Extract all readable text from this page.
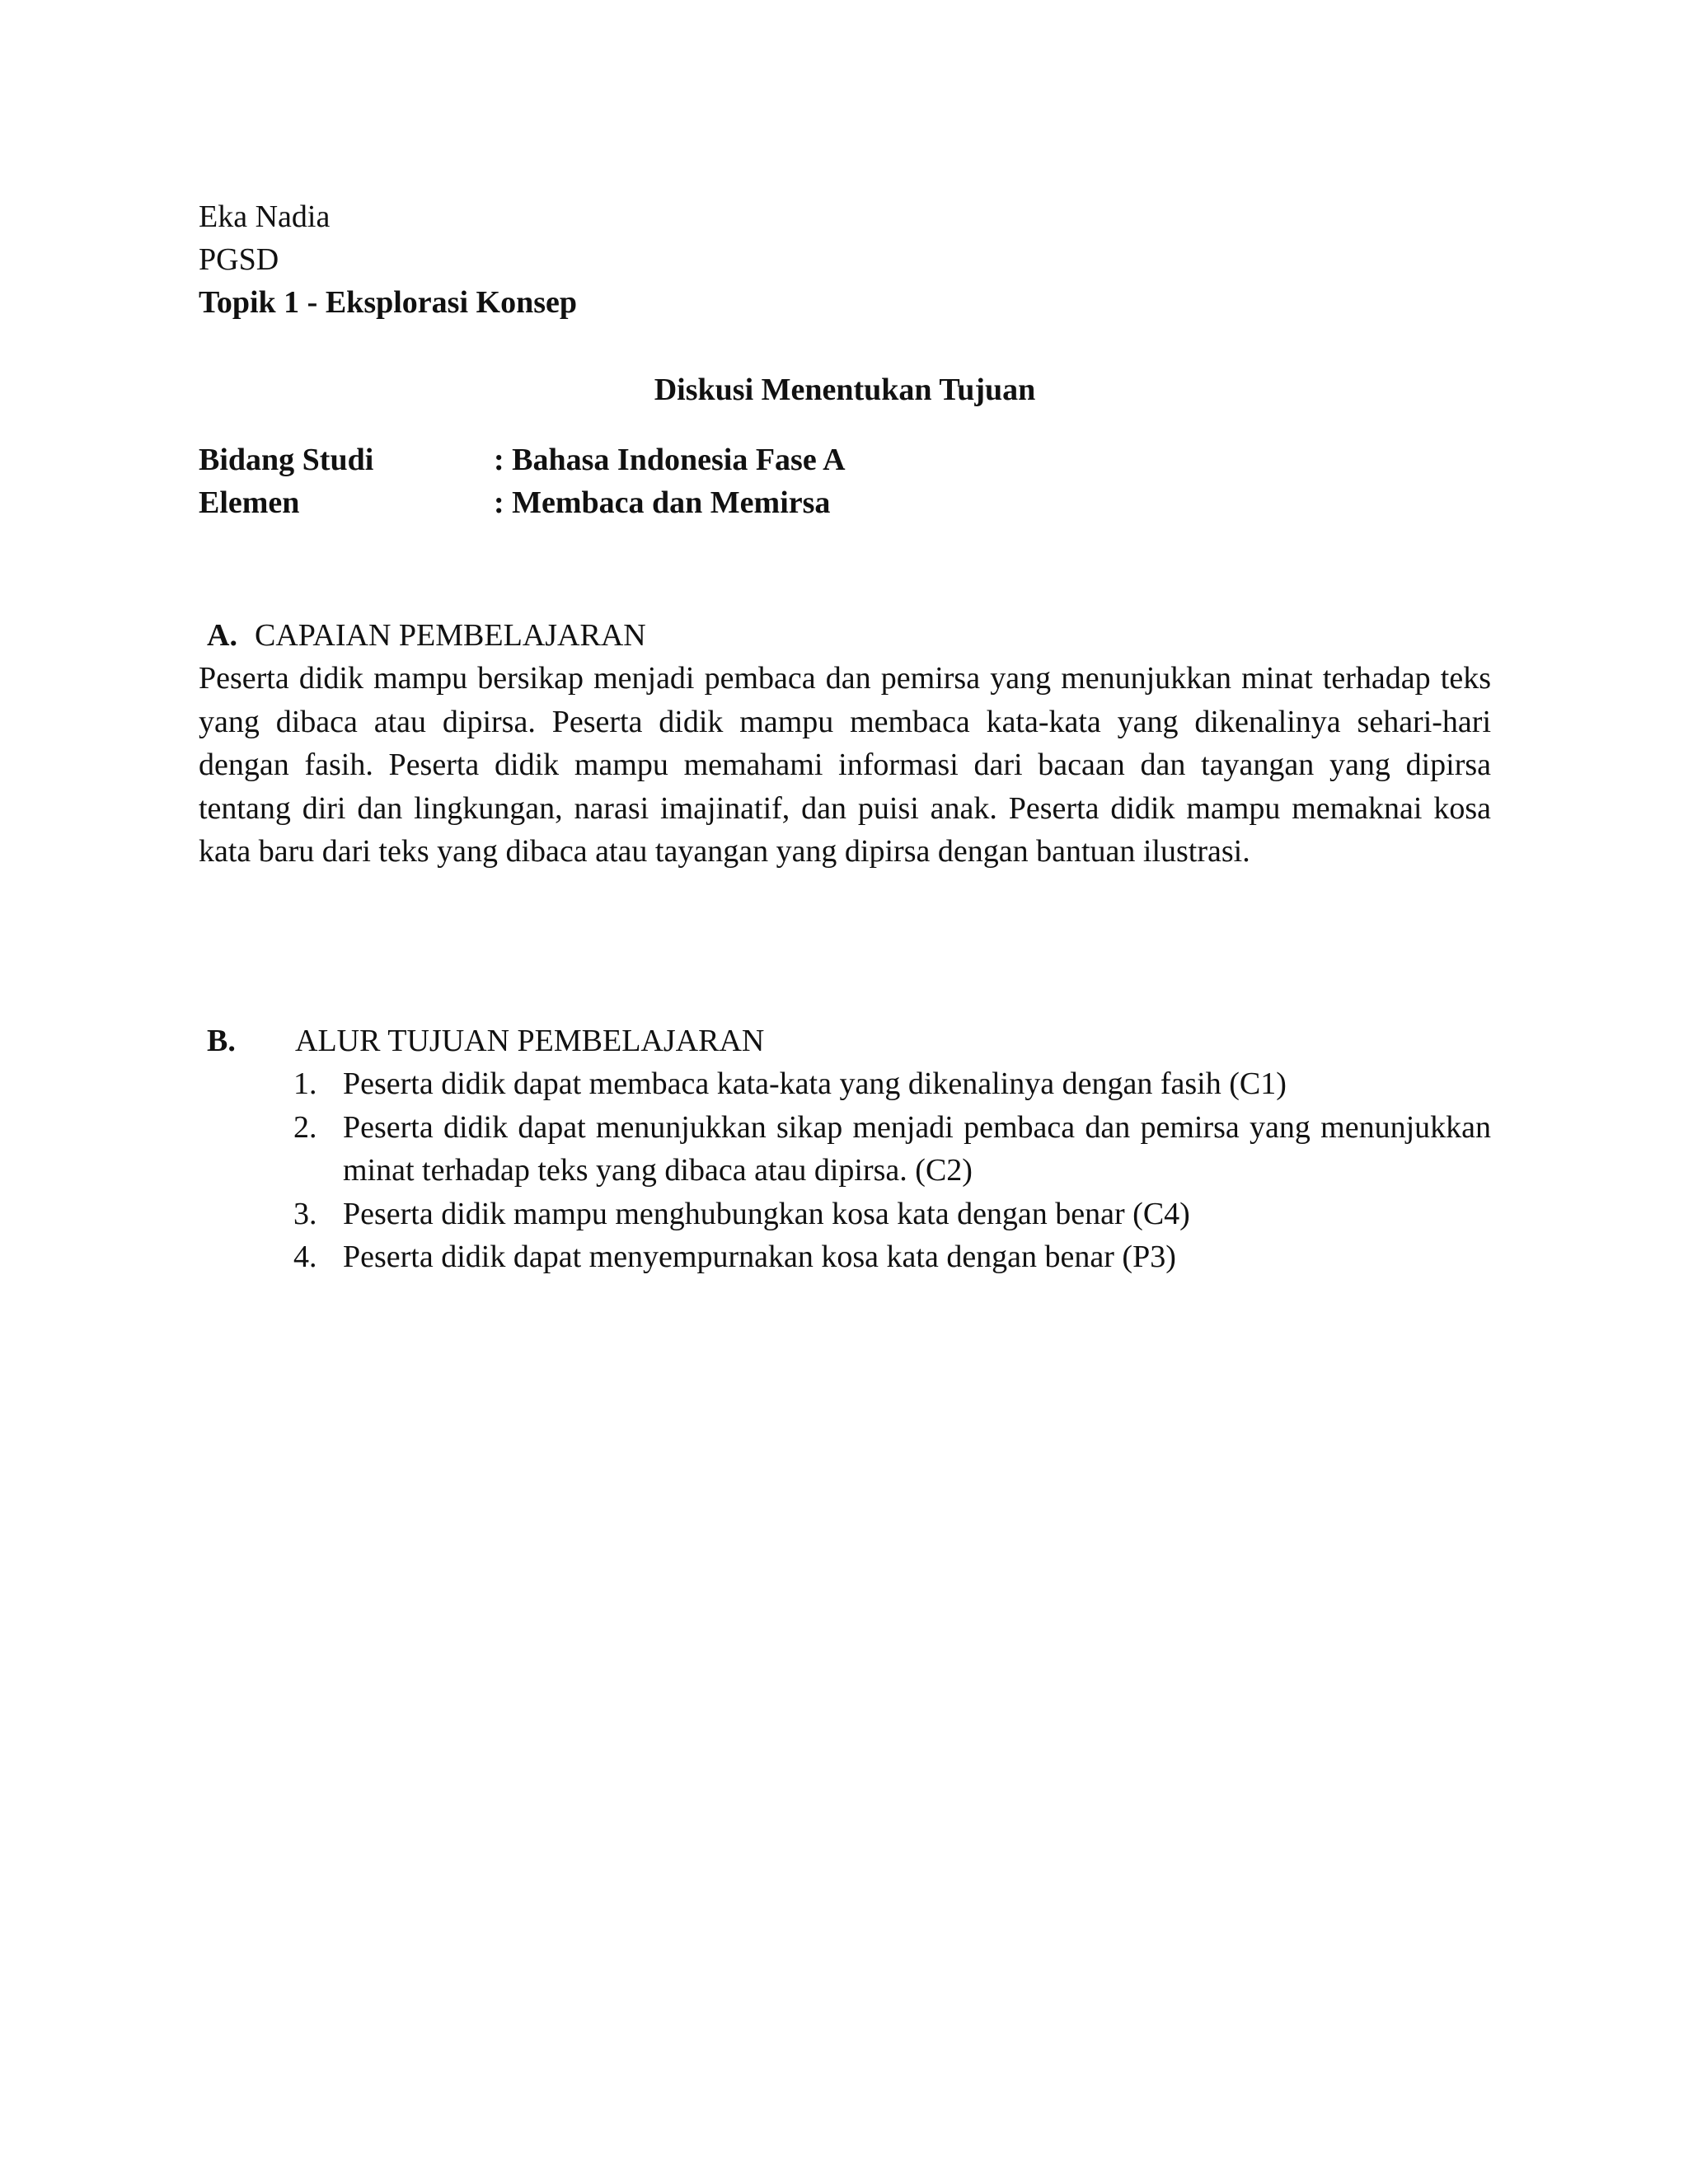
Eka Nadia
PGSD
Topik 1 - Eksplorasi Konsep
Diskusi Menentukan Tujuan
Bidang Studi	: Bahasa Indonesia Fase A
Elemen	: Membaca dan Memirsa
A. CAPAIAN PEMBELAJARAN

Peserta didik mampu bersikap menjadi pembaca dan pemirsa yang menunjukkan minat terhadap teks yang dibaca atau dipirsa. Peserta didik mampu membaca kata-kata yang dikenalinya sehari-hari dengan fasih. Peserta didik mampu memahami informasi dari bacaan dan tayangan yang dipirsa tentang diri dan lingkungan, narasi imajinatif, dan puisi anak. Peserta didik mampu memaknai kosa kata baru dari teks yang dibaca atau tayangan yang dipirsa dengan bantuan ilustrasi.

B. ALUR TUJUAN PEMBELAJARAN
1. Peserta didik dapat membaca kata-kata yang dikenalinya dengan fasih (C1)
2. Peserta didik dapat menunjukkan sikap menjadi pembaca dan pemirsa yang menunjukkan minat terhadap teks yang dibaca atau dipirsa. (C2)
3. Peserta didik mampu menghubungkan kosa kata dengan benar (C4)
4. Peserta didik dapat menyempurnakan kosa kata dengan benar (P3)
